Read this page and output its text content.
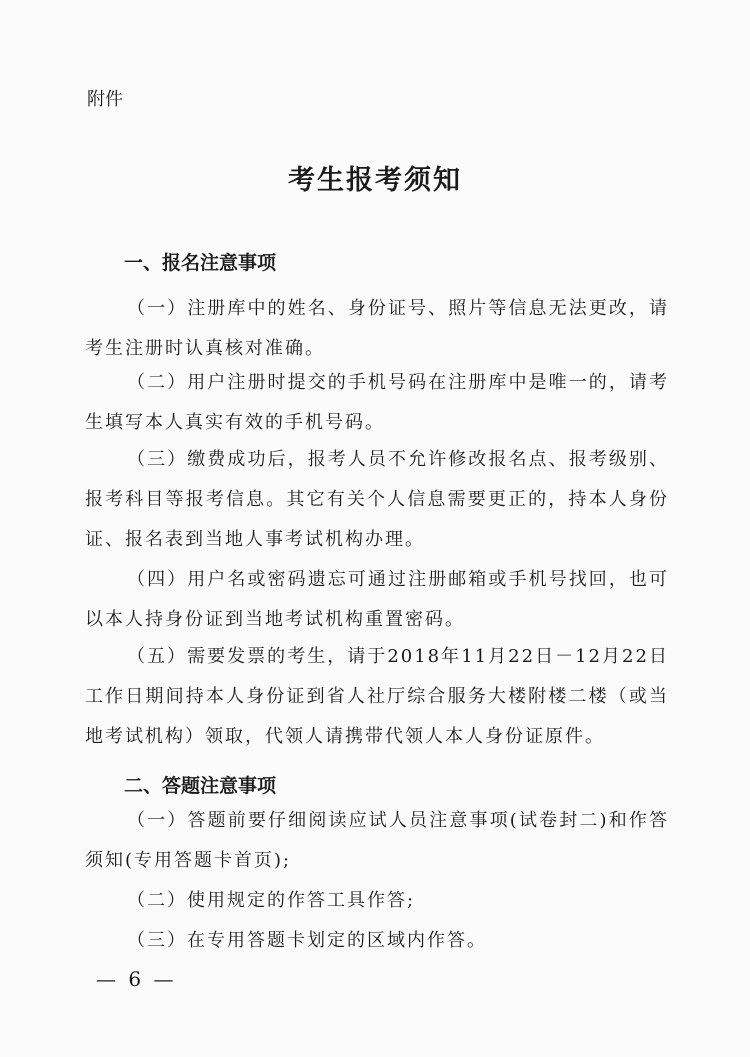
附件
考生报考须知
一、报名注意事项
（一）注册库中的姓名、身份证号、照片等信息无法更改，请考生注册时认真核对准确。
（二）用户注册时提交的手机号码在注册库中是唯一的，请考生填写本人真实有效的手机号码。
（三）缴费成功后，报考人员不允许修改报名点、报考级别、报考科目等报考信息。其它有关个人信息需要更正的，持本人身份证、报名表到当地人事考试机构办理。
（四）用户名或密码遗忘可通过注册邮箱或手机号找回，也可以本人持身份证到当地考试机构重置密码。
（五）需要发票的考生，请于2018年11月22日－12月22日工作日期间持本人身份证到省人社厅综合服务大楼附楼二楼（或当地考试机构）领取，代领人请携带代领人本人身份证原件。
二、答题注意事项
（一）答题前要仔细阅读应试人员注意事项(试卷封二)和作答须知(专用答题卡首页);
（二）使用规定的作答工具作答;
（三）在专用答题卡划定的区域内作答。
— 6 —
